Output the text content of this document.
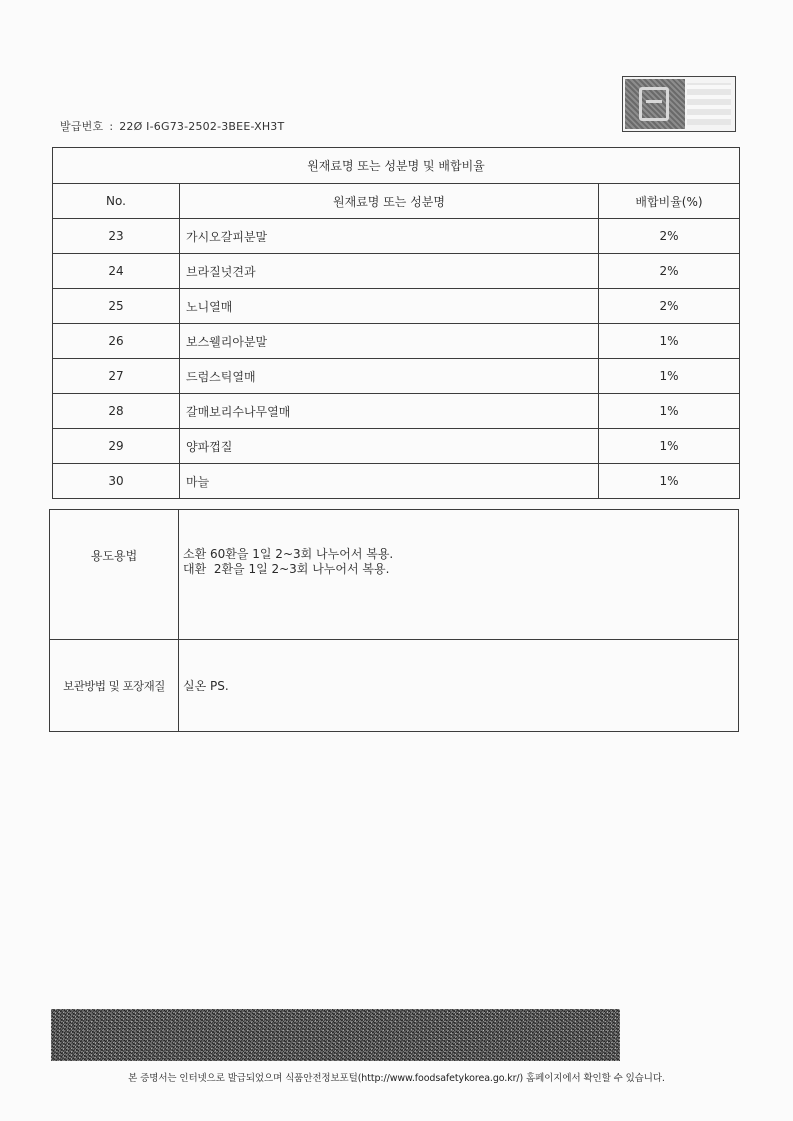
발급번호 : 22Ø I-6G73-2502-3BEE-XH3T
원재료명 또는 성분명 및 배합비율		
No.	원재료명 또는 성분명	배합비율(%)
23	가시오갈피분말	2%
24	브라질넛견과	2%
25	노니열매	2%
26	보스웰리아분말	1%
27	드럼스틱열매	1%
28	갈매보리수나무열매	1%
29	양파껍질	1%
30	마늘	1%
용도용법	소환 60환을 1일 2~3회 나누어서 복용.
대환  2환을 1일 2~3회 나누어서 복용.

보관방법 및 포장재질	실온 PS.
본 증명서는 인터넷으로 발급되었으며 식품안전정보포털(http://www.foodsafetykorea.go.kr/) 홈페이지에서 확인할 수 있습니다.
